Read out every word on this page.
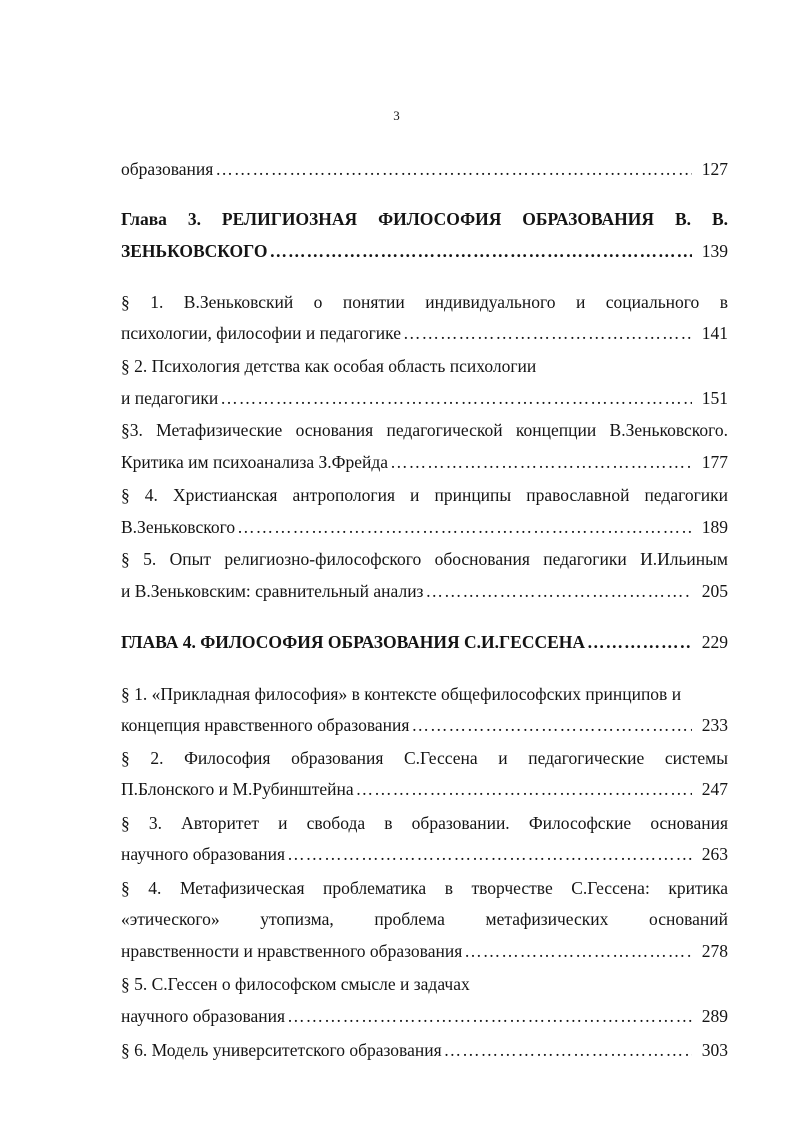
3
образования ……………………………………………………………………………………………………………………………………………………………………………………	127
Глава 3. РЕЛИГИОЗНАЯ ФИЛОСОФИЯ ОБРАЗОВАНИЯ В. В.
ЗЕНЬКОВСКОГО ……………………………………………………………………………………………………………………………………………………………………………………	139
§ 1. В.Зеньковский о понятии индивидуального и социального в
психологии, философии и педагогике ……………………………………………………………………………………………………………………………………………………………………………………	141
§ 2. Психология детства как особая область психологии
и педагогики ……………………………………………………………………………………………………………………………………………………………………………………	151
§3. Метафизические основания педагогической концепции В.Зеньковского.
Критика им психоанализа З.Фрейда ……………………………………………………………………………………………………………………………………………………………………………………	177
§ 4. Христианская антропология и принципы православной педагогики
В.Зеньковского ……………………………………………………………………………………………………………………………………………………………………………………	189
§ 5. Опыт религиозно-философского обоснования педагогики И.Ильиным
и В.Зеньковским: сравнительный анализ ……………………………………………………………………………………………………………………………………………………………………………………	205
ГЛАВА 4. ФИЛОСОФИЯ ОБРАЗОВАНИЯ С.И.ГЕССЕНА ……………………………………………………………………………………………………………………………………………………………………………………	229
§ 1. «Прикладная философия» в контексте общефилософских принципов и
концепция нравственного образования ……………………………………………………………………………………………………………………………………………………………………………………	233
§ 2. Философия образования С.Гессена и педагогические системы
П.Блонского и М.Рубинштейна ……………………………………………………………………………………………………………………………………………………………………………………	247
§ 3. Авторитет и свобода в образовании. Философские основания
научного образования ……………………………………………………………………………………………………………………………………………………………………………………	263
§ 4. Метафизическая проблематика в творчестве С.Гессена: критика
«этического» утопизма, проблема метафизических оснований
нравственности и нравственного образования ……………………………………………………………………………………………………………………………………………………………………………………	278
§ 5. С.Гессен о философском смысле и задачах
научного образования ……………………………………………………………………………………………………………………………………………………………………………………	289
§ 6. Модель университетского образования ……………………………………………………………………………………………………………………………………………………………………………………	303
